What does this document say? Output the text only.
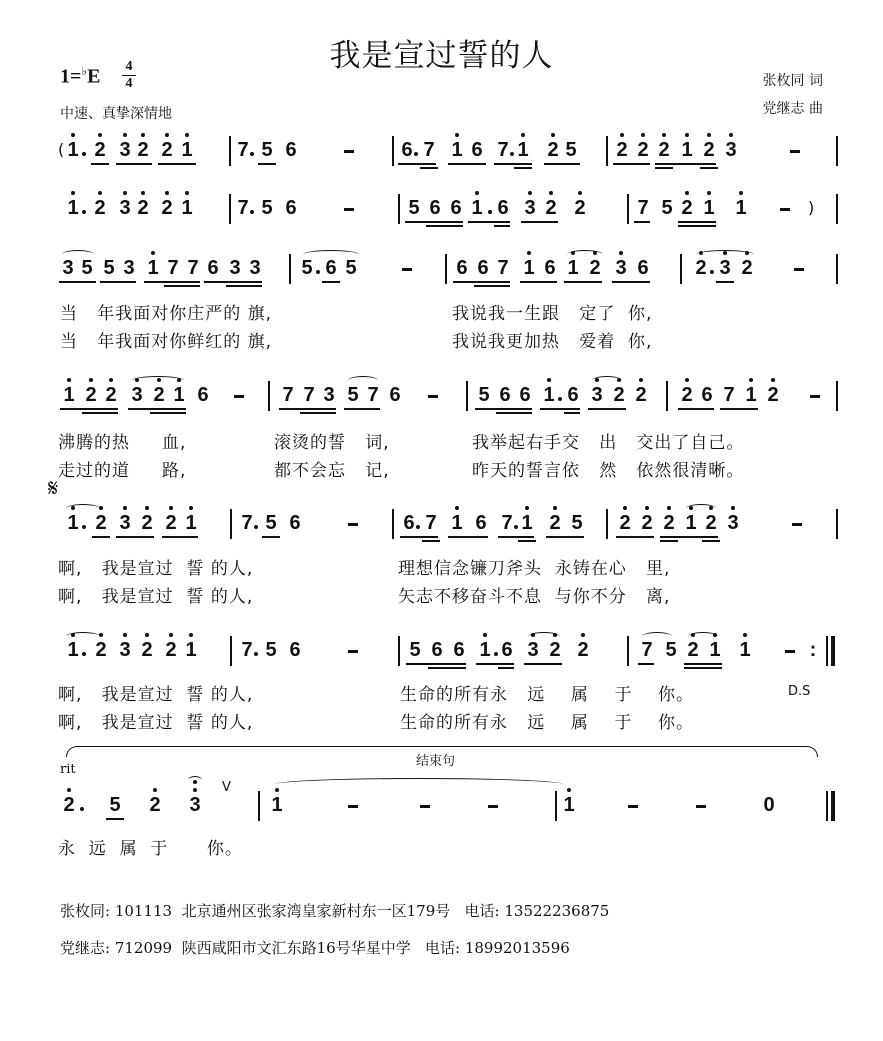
我是宣过誓的人
1=♭E 4
4
中速、真挚深情地
张枚同 词
党继志 曲
( 1 2 3 2 2 1 7 5 6	6 7 1 6 7 1 2 5 2 2 2 1 2 3
1 2 3 2 2 1 7 5 6	5 6 6 1 6 3 2 2	7 5 2 1 1	)
3 5 5 3 1 7 7 6 3 3 5 6 5	6 6 7 1 6 1 2 3 6 2 3 2
1 2 2 3 2 1 6	7 7 3 5 7 6	5 6 6 1 6 3 2 2 2 6 7 1 2
1 2 3 2 2 1 7 5 6	6 7 1 6 7 1 2 5 2 2 2 1 2 3
1 2 3 2 2 1 7 5 6	5 6 6 1 6 3 2 2	7 5 2 1 1	:
2 5 2 3	1	1	0
当   年我面对你庄严的 旗,
当   年我面对你鲜红的 旗,
我说我一生跟   定了  你,
我说我更加热   爱着  你,
沸腾的热     血,	滚烫的誓   词,	我举起右手交   出   交出了自己。
走过的道     路,	都不会忘   记,	昨天的誓言依   然   依然很清晰。
啊,   我是宣过  誓 的人,	理想信念镰刀斧头  永铸在心   里,
啊,   我是宣过  誓 的人,	矢志不移奋斗不息  与你不分   离,
啊,   我是宣过  誓 的人,	生命的所有永   远    属    于    你。	D.S
啊,   我是宣过  誓 的人,	生命的所有永   远    属    于    你。
永  远  属  于      你。
𝄋
rit
结束句
V
张枚同: 101113  北京通州区张家湾皇家新村东一区179号   电话: 13522236875
党继志: 712099  陕西咸阳市文汇东路16号华星中学   电话: 18992013596
